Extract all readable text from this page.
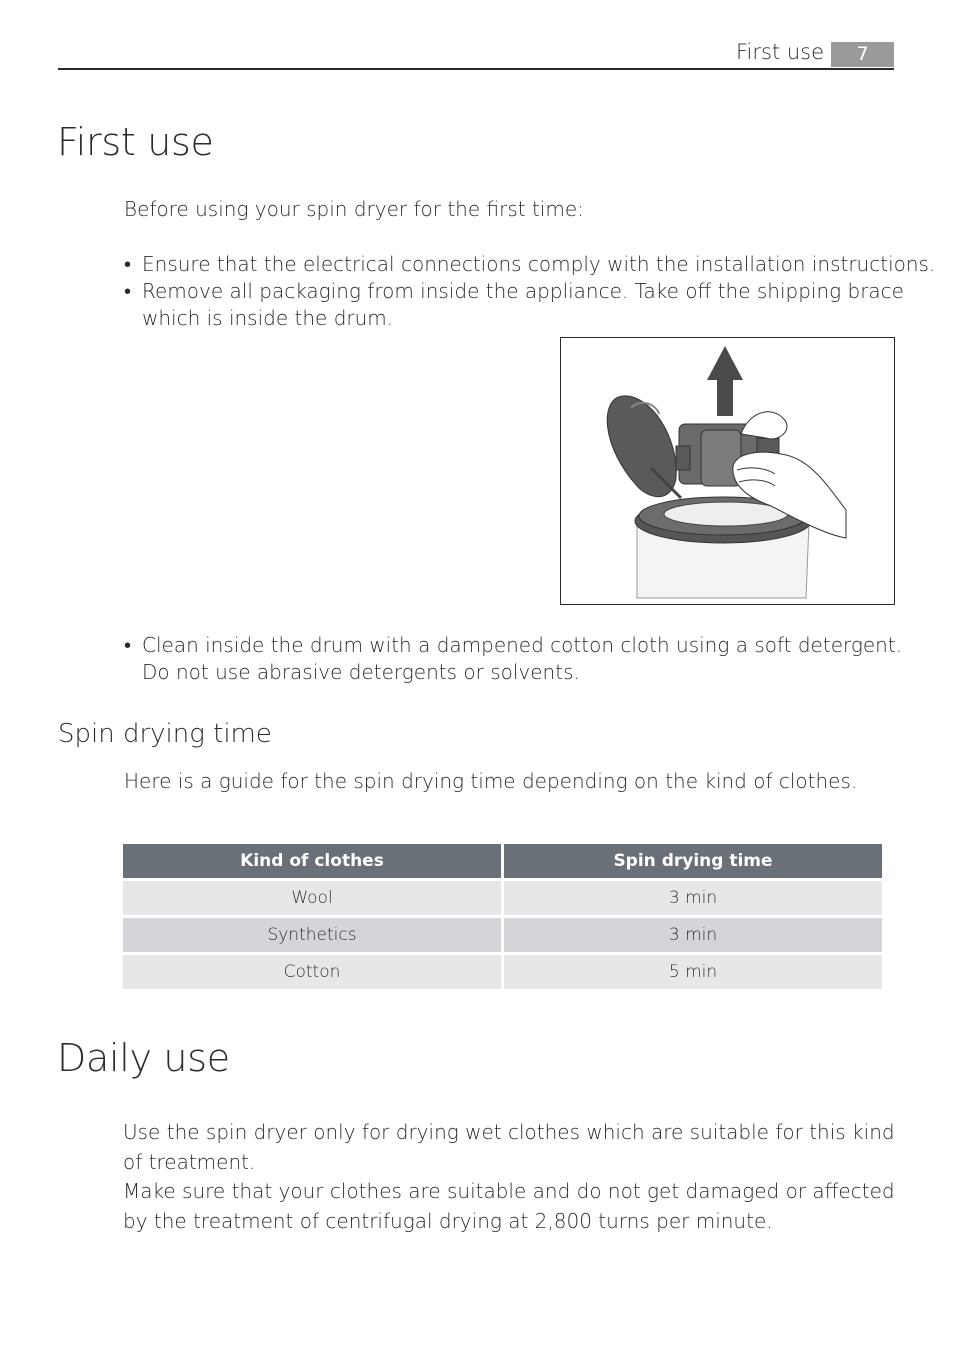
First use	7
First use
Before using your spin dryer for the first time:
• Ensure that the electrical connections comply with the installation instructions.
• Remove all packaging from inside the appliance. Take off the shipping brace
which is inside the drum.
• Clean inside the drum with a dampened cotton cloth using a soft detergent.
Do not use abrasive detergents or solvents.
Spin drying time
Here is a guide for the spin drying time depending on the kind of clothes.
Kind of clothes	Spin drying time
Wool	3 min
Synthetics	3 min
Cotton	5 min
Daily use
Use the spin dryer only for drying wet clothes which are suitable for this kind of treatment.
Make sure that your clothes are suitable and do not get damaged or affected by the treatment of centrifugal drying at 2,800 turns per minute.
